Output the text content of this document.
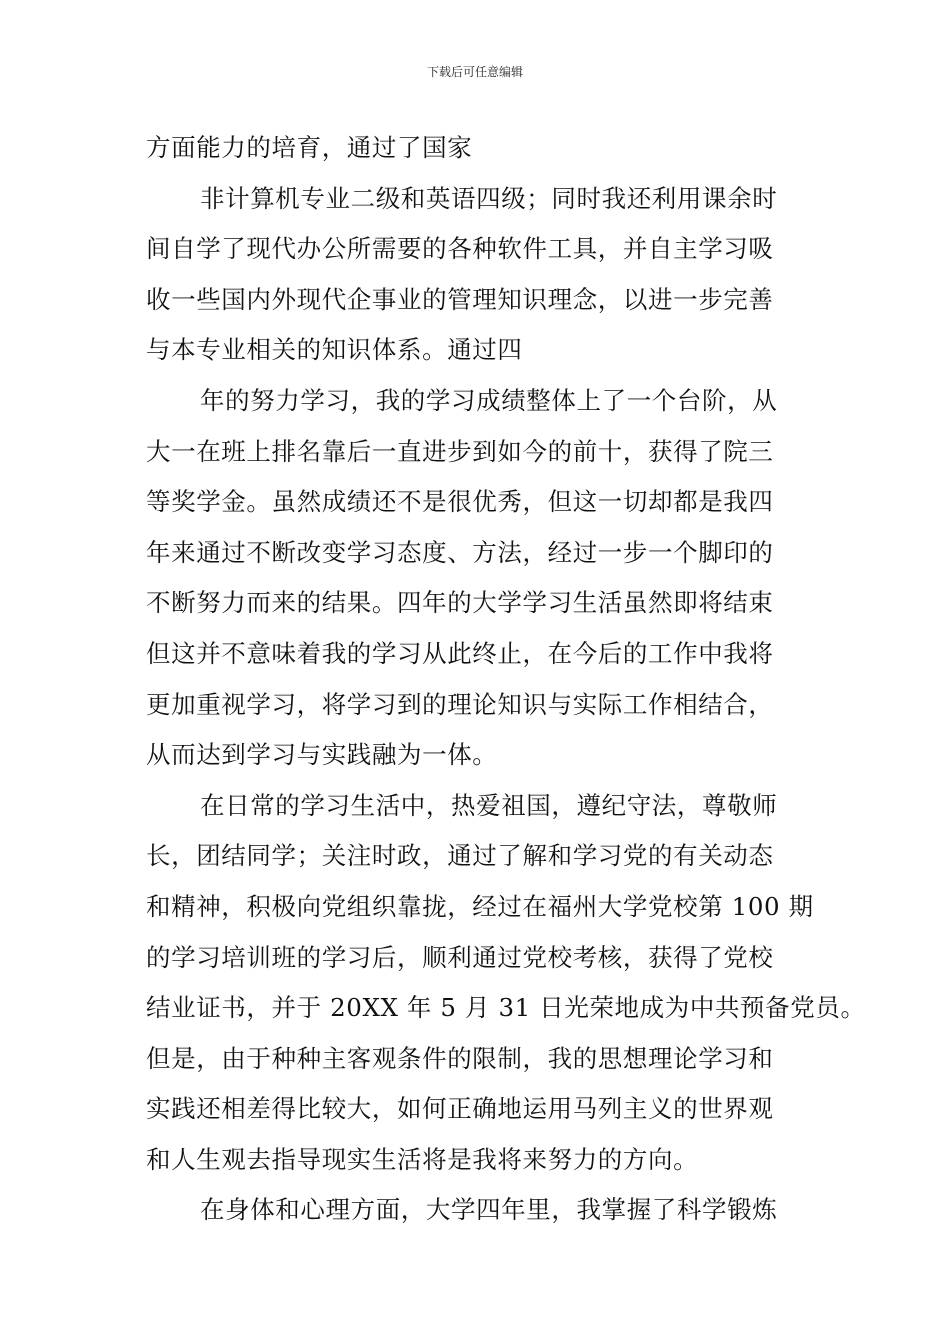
下载后可任意编辑
方面能力的培育，通过了国家
非计算机专业二级和英语四级；同时我还利用课余时
间自学了现代办公所需要的各种软件工具，并自主学习吸
收一些国内外现代企事业的管理知识理念，以进一步完善
与本专业相关的知识体系。通过四
年的努力学习，我的学习成绩整体上了一个台阶，从
大一在班上排名靠后一直进步到如今的前十，获得了院三
等奖学金。虽然成绩还不是很优秀，但这一切却都是我四
年来通过不断改变学习态度、方法，经过一步一个脚印的
不断努力而来的结果。四年的大学学习生活虽然即将结束
但这并不意味着我的学习从此终止，在今后的工作中我将
更加重视学习，将学习到的理论知识与实际工作相结合，
从而达到学习与实践融为一体。
在日常的学习生活中，热爱祖国，遵纪守法，尊敬师
长，团结同学；关注时政，通过了解和学习党的有关动态
和精神，积极向党组织靠拢，经过在福州大学党校第 100 期
的学习培训班的学习后，顺利通过党校考核，获得了党校
结业证书，并于 20XX 年 5 月 31 日光荣地成为中共预备党员。
但是，由于种种主客观条件的限制，我的思想理论学习和
实践还相差得比较大，如何正确地运用马列主义的世界观
和人生观去指导现实生活将是我将来努力的方向。
在身体和心理方面，大学四年里，我掌握了科学锻炼
